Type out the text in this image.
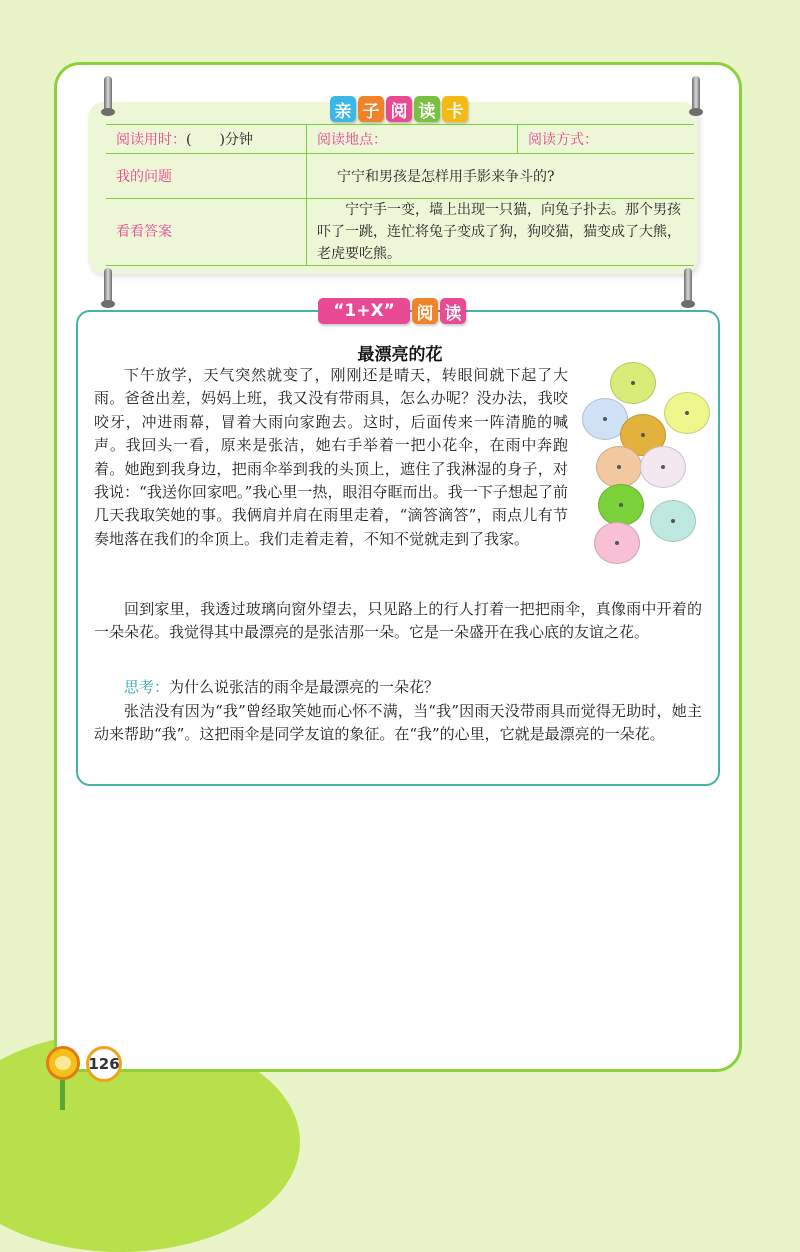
亲 子 阅 读 卡
阅读用时：(　　)分钟	阅读地点：	阅读方式：
我的问题	宁宁和男孩是怎样用手影来争斗的?	
看看答案	宁宁手一变，墙上出现一只猫，向兔子扑去。那个男孩吓了一跳，连忙将兔子变成了狗，狗咬猫，猫变成了大熊，老虎要吃熊。	
“1+X”	阅 读
最漂亮的花

下午放学，天气突然就变了，刚刚还是晴天，转眼间就下起了大雨。爸爸出差，妈妈上班，我又没有带雨具，怎么办呢？没办法，我咬咬牙，冲进雨幕，冒着大雨向家跑去。这时，后面传来一阵清脆的喊声。我回头一看，原来是张洁，她右手举着一把小花伞，在雨中奔跑着。她跑到我身边，把雨伞举到我的头顶上，遮住了我淋湿的身子，对我说：“我送你回家吧。”我心里一热，眼泪夺眶而出。我一下子想起了前几天我取笑她的事。我俩肩并肩在雨里走着，“滴答滴答”，雨点儿有节奏地落在我们的伞顶上。我们走着走着，不知不觉就走到了我家。

回到家里，我透过玻璃向窗外望去，只见路上的行人打着一把把雨伞，真像雨中开着的一朵朵花。我觉得其中最漂亮的是张洁那一朵。它是一朵盛开在我心底的友谊之花。

思考：为什么说张洁的雨伞是最漂亮的一朵花？

张洁没有因为“我”曾经取笑她而心怀不满，当“我”因雨天没带雨具而觉得无助时，她主动来帮助“我”。这把雨伞是同学友谊的象征。在“我”的心里，它就是最漂亮的一朵花。

126
